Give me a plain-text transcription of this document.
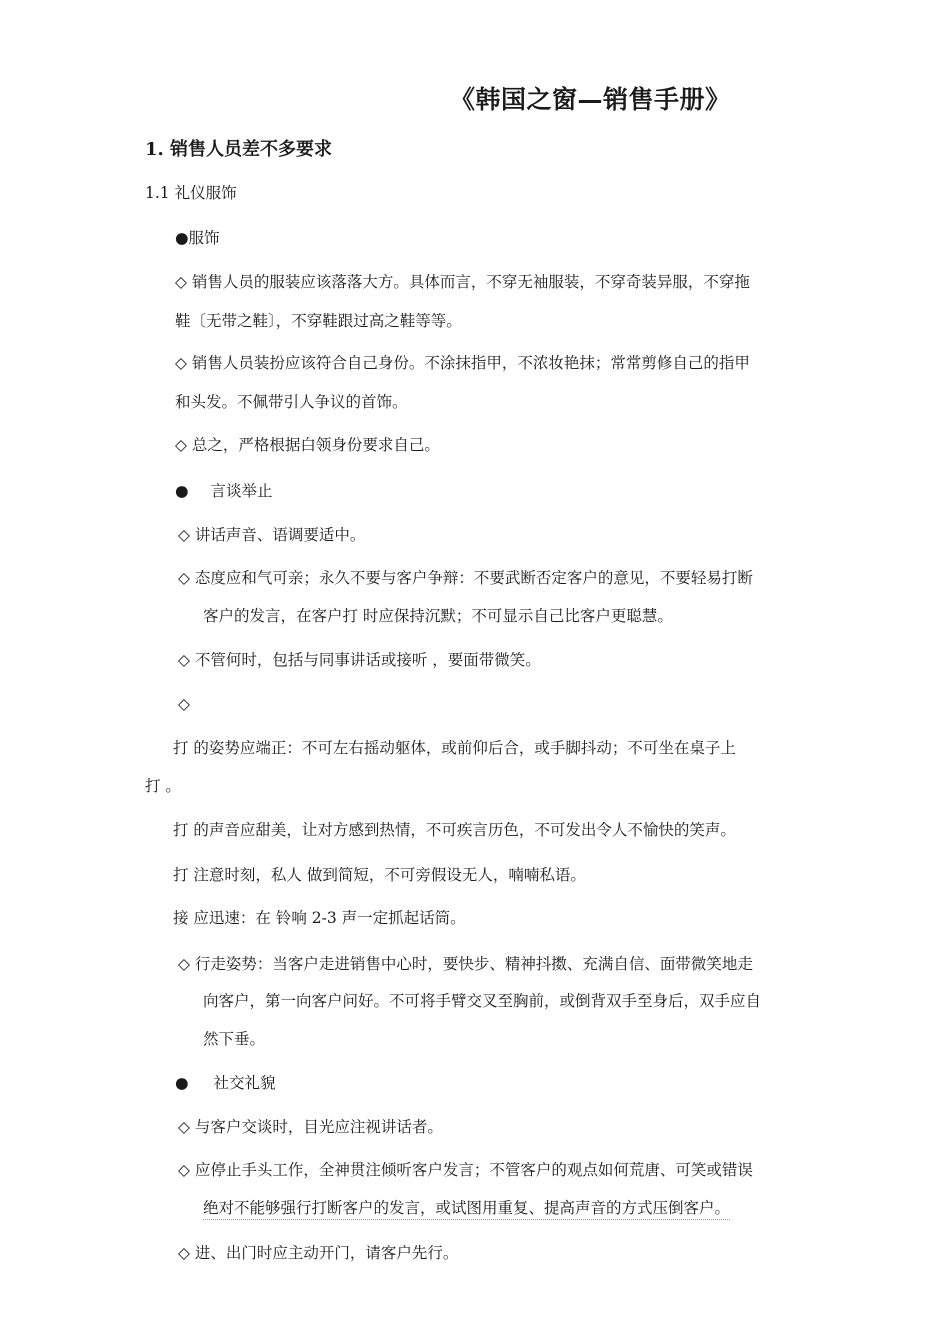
《韩国之窗—销售手册》
1. 销售人员差不多要求
1.1 礼仪服饰
●服饰
◇ 销售人员的服装应该落落大方。具体而言，不穿无袖服装，不穿奇装异服，不穿拖
鞋〔无带之鞋〕，不穿鞋跟过高之鞋等等。
◇ 销售人员装扮应该符合自己身份。不涂抹指甲，不浓妆艳抹；常常剪修自己的指甲
和头发。不佩带引人争议的首饰。
◇ 总之，严格根据白领身份要求自己。
● 言谈举止
◇ 讲话声音、语调要适中。
◇ 态度应和气可亲；永久不要与客户争辩：不要武断否定客户的意见，不要轻易打断
客户的发言，在客户打 时应保持沉默；不可显示自己比客户更聪慧。
◇ 不管何时，包括与同事讲话或接听 ，要面带微笑。
◇
打 的姿势应端正：不可左右摇动躯体，或前仰后合，或手脚抖动；不可坐在桌子上
打 。
打 的声音应甜美，让对方感到热情，不可疾言历色，不可发出令人不愉快的笑声。
打 注意时刻，私人 做到简短，不可旁假设无人，喃喃私语。
接 应迅速：在 铃响 2-3 声一定抓起话筒。
◇ 行走姿势：当客户走进销售中心时，要快步、精神抖擞、充满自信、面带微笑地走
向客户，第一向客户问好。不可将手臂交叉至胸前，或倒背双手至身后，双手应自
然下垂。
● 社交礼貌
◇ 与客户交谈时，目光应注视讲话者。
◇ 应停止手头工作，全神贯注倾听客户发言；不管客户的观点如何荒唐、可笑或错误
绝对不能够强行打断客户的发言，或试图用重复、提高声音的方式压倒客户。
◇ 进、出门时应主动开门，请客户先行。
